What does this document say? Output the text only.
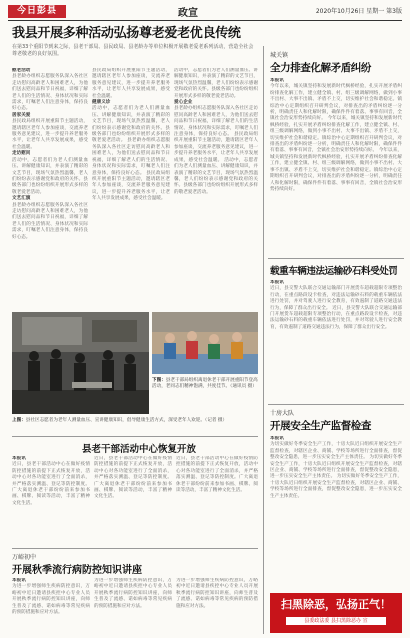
今日彭县	政宣	2020年10月26日 星期一 第3版
我县开展多种活动弘扬尊老爱老优良传统
在第33个重阳节到来之际，县老干部局、县民政局、县老龄办等单位积极开展敬老爱老系列活动，营造全社会尊老敬老的良好氛围。
慰老活动
县老龄办组织志愿服务队深入各社区走访慰问高龄老人和困难老人，为他们送去慰问品和节日祝福，详细了解老人们的生活情况、身体状况和实际需求，叮嘱老人们注意身体，保持良好心态。
居家关爱
县民政局组织开展重阳节主题活动，邀请辖区老年人参加座谈，交流养老服务意见建议，进一步提升养老服务水平，让老年人共享发展成果，感受社会温暖。
走访慰问
活动中，志愿者们为老人们测量血压、讲解健康知识，并表演了精彩的文艺节目，现场气氛热烈温馨，老人们纷纷表示感谢党和政府的关怀。县级各部门也纷纷组织开展形式多样的敬老爱老活动。
文艺汇演
县老龄办组织志愿服务队深入各社区走访慰问高龄老人和困难老人，为他们送去慰问品和节日祝福，详细了解老人们的生活情况、身体状况和实际需求，叮嘱老人们注意身体，保持良好心态。
县民政局组织开展重阳节主题活动，邀请辖区老年人参加座谈，交流养老服务意见建议，进一步提升养老服务水平，让老年人共享发展成果，感受社会温暖。
健康义诊
活动中，志愿者们为老人们测量血压、讲解健康知识，并表演了精彩的文艺节目，现场气氛热烈温馨，老人们纷纷表示感谢党和政府的关怀。县级各部门也纷纷组织开展形式多样的敬老爱老活动。 县老龄办组织志愿服务队深入各社区走访慰问高龄老人和困难老人，为他们送去慰问品和节日祝福，详细了解老人们的生活情况、身体状况和实际需求，叮嘱老人们注意身体，保持良好心态。 县民政局组织开展重阳节主题活动，邀请辖区老年人参加座谈，交流养老服务意见建议，进一步提升养老服务水平，让老年人共享发展成果，感受社会温暖。
活动中，志愿者们为老人们测量血压、讲解健康知识，并表演了精彩的文艺节目，现场气氛热烈温馨，老人们纷纷表示感谢党和政府的关怀。县级各部门也纷纷组织开展形式多样的敬老爱老活动。
爱心企业
县老龄办组织志愿服务队深入各社区走访慰问高龄老人和困难老人，为他们送去慰问品和节日祝福，详细了解老人们的生活情况、身体状况和实际需求，叮嘱老人们注意身体，保持良好心态。 县民政局组织开展重阳节主题活动，邀请辖区老年人参加座谈，交流养老服务意见建议，进一步提升养老服务水平，让老年人共享发展成果，感受社会温暖。 活动中，志愿者们为老人们测量血压、讲解健康知识，并表演了精彩的文艺节目，现场气氛热烈温馨，老人们纷纷表示感谢党和政府的关怀。县级各部门也纷纷组织开展形式多样的敬老爱老活动。
下图：县老干部局组织离退休老干部开展重阳节登高活动，老同志们精神饱满，共度佳节。（通讯员 摄）
上图：县社区志愿者为老年人测量血压、宣讲健康知识，倡导健康生活方式，深受老年人欢迎。（记者 摄）
县老干部活动中心恢复开放
本报讯
近日，县老干部活动中心在做好疫情防控措施的前提下正式恢复开放，活动中心对各功能室进行了全面消杀，并严格落实测温、登记等防控制度。广大离退休老干部纷纷前来参加书画、棋牌、阅读等活动，丰富了精神文化生活。
近日，县老干部活动中心在做好疫情防控措施的前提下正式恢复开放，活动中心对各功能室进行了全面消杀，并严格落实测温、登记等防控制度。广大离退休老干部纷纷前来参加书画、棋牌、阅读等活动，丰富了精神文化生活。
近日，县老干部活动中心在做好疫情防控措施的前提下正式恢复开放，活动中心对各功能室进行了全面消杀，并严格落实测温、登记等防控制度。广大离退休老干部纷纷前来参加书画、棋牌、阅读等活动，丰富了精神文化生活。
万峪初中
开展秋季流行病防控知识讲座
本报讯
为进一步增强师生疾病防控意识，万峪初中近日邀请县疾控中心专业人员开展秋季流行病防控知识讲座，向师生普及了流感、诺如病毒等常见疾病的预防措施和应对方法。
为进一步增强师生疾病防控意识，万峪初中近日邀请县疾控中心专业人员开展秋季流行病防控知识讲座，向师生普及了流感、诺如病毒等常见疾病的预防措施和应对方法。
为进一步增强师生疾病防控意识，万峪初中近日邀请县疾控中心专业人员开展秋季流行病防控知识讲座，向师生普及了流感、诺如病毒等常见疾病的预防措施和应对方法。
城关镇
全力排查化解矛盾纠纷
本报讯
今年以来，城关镇坚持和发展新时代枫桥经验，扎实开展矛盾纠纷排查化解工作，建立健全镇、村、组三级调解网络，做到小事不出村、大事不出镇、矛盾不上交，切实维护社会和谐稳定。镇综治中心定期组织召开研判会议，对排查出的矛盾纠纷逐一分析，明确责任人和化解时限，确保件件有着落、事事有回音，全镇社会治安形势持续向好。 今年以来，城关镇坚持和发展新时代枫桥经验，扎实开展矛盾纠纷排查化解工作，建立健全镇、村、组三级调解网络，做到小事不出村、大事不出镇、矛盾不上交，切实维护社会和谐稳定。镇综治中心定期组织召开研判会议，对排查出的矛盾纠纷逐一分析，明确责任人和化解时限，确保件件有着落、事事有回音，全镇社会治安形势持续向好。 今年以来，城关镇坚持和发展新时代枫桥经验，扎实开展矛盾纠纷排查化解工作，建立健全镇、村、组三级调解网络，做到小事不出村、大事不出镇、矛盾不上交，切实维护社会和谐稳定。镇综治中心定期组织召开研判会议，对排查出的矛盾纠纷逐一分析，明确责任人和化解时限，确保件件有着落、事事有回音，全镇社会治安形势持续向好。
载重车辆违法运输砂石料受处罚
本报讯
近日，县交警大队联合交通运输部门开展货车超载超限专项整治行动，在重点路段设卡检查，对违法运输砂石料的载重车辆依法进行处罚，并对驾驶人进行安全教育，有效遏制了道路交通违法行为，保障了群众出行安全。 近日，县交警大队联合交通运输部门开展货车超载超限专项整治行动，在重点路段设卡检查，对违法运输砂石料的载重车辆依法进行处罚，并对驾驶人进行安全教育，有效遏制了道路交通违法行为，保障了群众出行安全。
十房大队
开展安全生产监督检查
本报讯
为切实做好冬季安全生产工作，十房大队近日组织开展安全生产监督检查，对辖区企业、商铺、学校等场所进行全面排查，督促整改安全隐患，进一步压实安全生产主体责任。 为切实做好冬季安全生产工作，十房大队近日组织开展安全生产监督检查，对辖区企业、商铺、学校等场所进行全面排查，督促整改安全隐患，进一步压实安全生产主体责任。 为切实做好冬季安全生产工作，十房大队近日组织开展安全生产监督检查，对辖区企业、商铺、学校等场所进行全面排查，督促整改安全隐患，进一步压实安全生产主体责任。
扫黑除恶，弘扬正气！
县委政法委 县扫黑除恶办 宣
